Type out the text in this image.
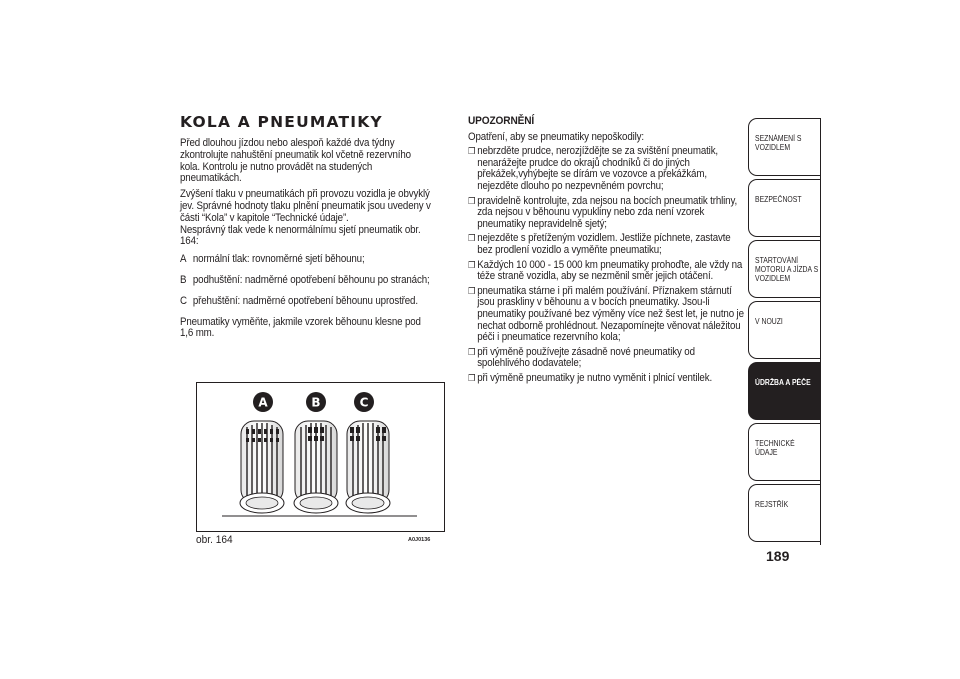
KOLA A PNEUMATIKY

Před dlouhou jízdou nebo alespoň každé dva týdny zkontrolujte nahuštění pneumatik kol včetně rezervního kola. Kontrolu je nutno provádět na studených pneumatikách.

Zvýšení tlaku v pneumatikách při provozu vozidla je obvyklý jev. Správné hodnoty tlaku plnění pneumatik jsou uvedeny v části “Kola” v kapitole “Technické údaje”.

Nesprávný tlak vede k nenormálnímu sjetí pneumatik obr. 164:

A normální tlak: rovnoměrné sjetí běhounu;
B podhuštění: nadměrné opotřebení běhounu po stranách;
C přehuštění: nadměrné opotřebení běhounu uprostřed.

Pneumatiky vyměňte, jakmile vzorek běhounu klesne pod 1,6 mm.

A	B	C
obr. 164	A0J0136
UPOZORNĚNÍ
Opatření, aby se pneumatiky nepoškodily:
❒ nebrzděte prudce, nerozjíždějte se za svištění pneumatik, nenarážejte prudce do okrajů chodníků či do jiných překážek,vyhýbejte se dírám ve vozovce a překážkám, nejezděte dlouho po nezpevněném povrchu;
❒ pravidelně kontrolujte, zda nejsou na bocích pneumatik trhliny, zda nejsou v běhounu vypukliny nebo zda není vzorek pneumatiky nepravidelně sjetý;
❒ nejezděte s přetíženým vozidlem. Jestliže píchnete, zastavte bez prodlení vozidlo a vyměňte pneumatiku;
❒ Každých 10 000 - 15 000 km pneumatiky prohoďte, ale vždy na téže straně vozidla, aby se nezměnil směr jejich otáčení.
❒ pneumatika stárne i při malém používání. Příznakem stárnutí jsou praskliny v běhounu a v bocích pneumatiky. Jsou-li pneumatiky používané bez výměny více než šest let, je nutno je nechat odborně prohlédnout. Nezapomínejte věnovat náležitou péči i pneumatice rezervního kola;
❒ při výměně používejte zásadně nové pneumatiky od spolehlivého dodavatele;
❒ při výměně pneumatiky je nutno vyměnit i plnicí ventilek.
SEZNÁMENÍ S VOZIDLEM
BEZPEČNOST
STARTOVÁNÍ MOTORU A JÍZDA S VOZIDLEM
V NOUZI
ÚDRŽBA A PÉČE
TECHNICKÉ ÚDAJE
REJSTŘÍK
189
